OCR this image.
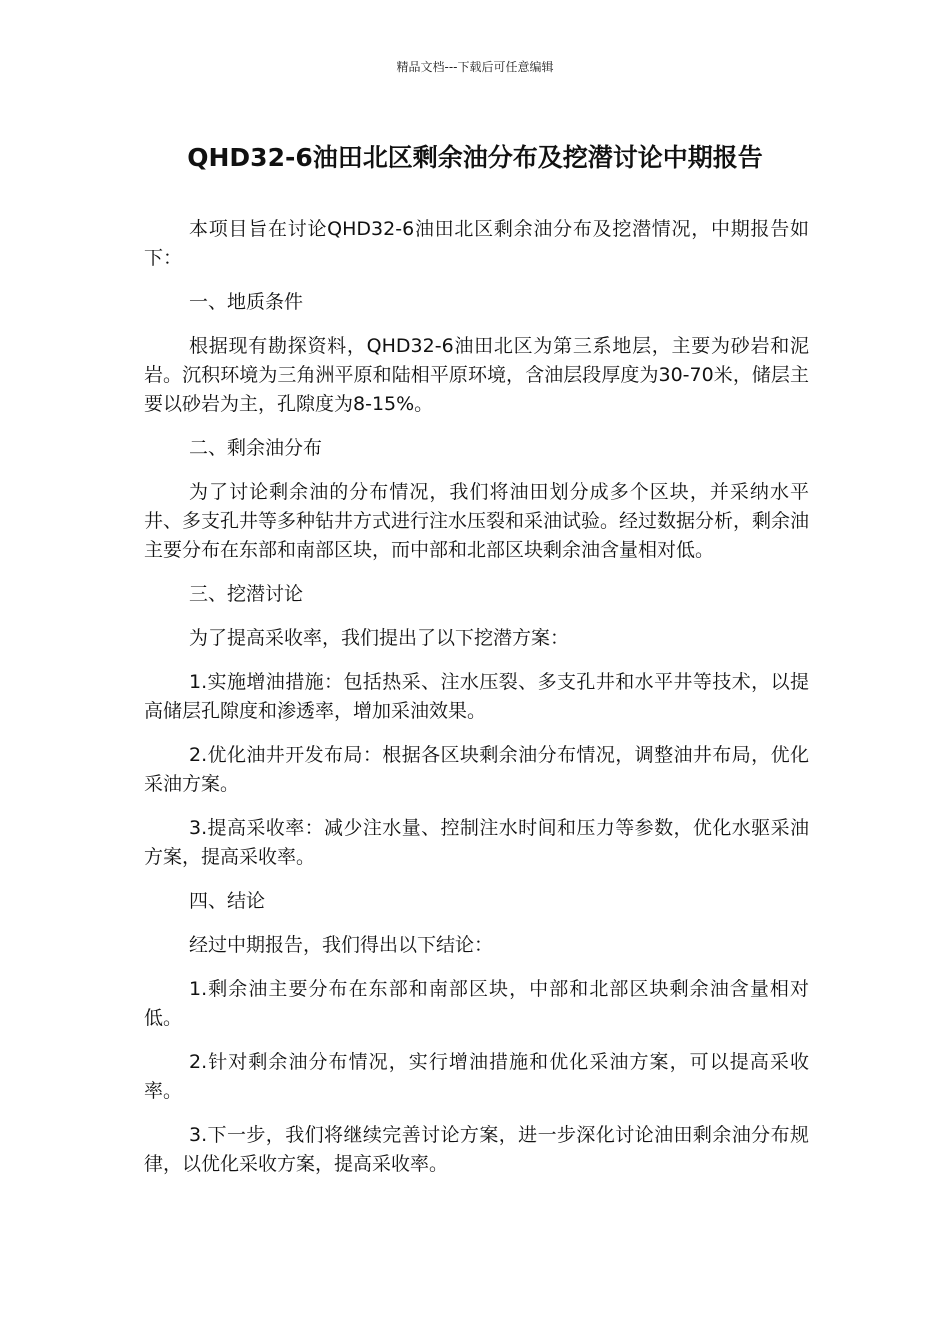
精品文档---下载后可任意编辑
QHD32-6油田北区剩余油分布及挖潜讨论中期报告

本项目旨在讨论QHD32-6油田北区剩余油分布及挖潜情况，中期报告如下：

一、地质条件

根据现有勘探资料，QHD32-6油田北区为第三系地层，主要为砂岩和泥岩。沉积环境为三角洲平原和陆相平原环境，含油层段厚度为30-70米，储层主要以砂岩为主，孔隙度为8-15%。

二、剩余油分布

为了讨论剩余油的分布情况，我们将油田划分成多个区块，并采纳水平井、多支孔井等多种钻井方式进行注水压裂和采油试验。经过数据分析，剩余油主要分布在东部和南部区块，而中部和北部区块剩余油含量相对低。

三、挖潜讨论

为了提高采收率，我们提出了以下挖潜方案：

1.实施增油措施：包括热采、注水压裂、多支孔井和水平井等技术，以提高储层孔隙度和渗透率，增加采油效果。

2.优化油井开发布局：根据各区块剩余油分布情况，调整油井布局，优化采油方案。

3.提高采收率：减少注水量、控制注水时间和压力等参数，优化水驱采油方案，提高采收率。

四、结论

经过中期报告，我们得出以下结论：

1.剩余油主要分布在东部和南部区块，中部和北部区块剩余油含量相对低。

2.针对剩余油分布情况，实行增油措施和优化采油方案，可以提高采收率。

3.下一步，我们将继续完善讨论方案，进一步深化讨论油田剩余油分布规律，以优化采收方案，提高采收率。
